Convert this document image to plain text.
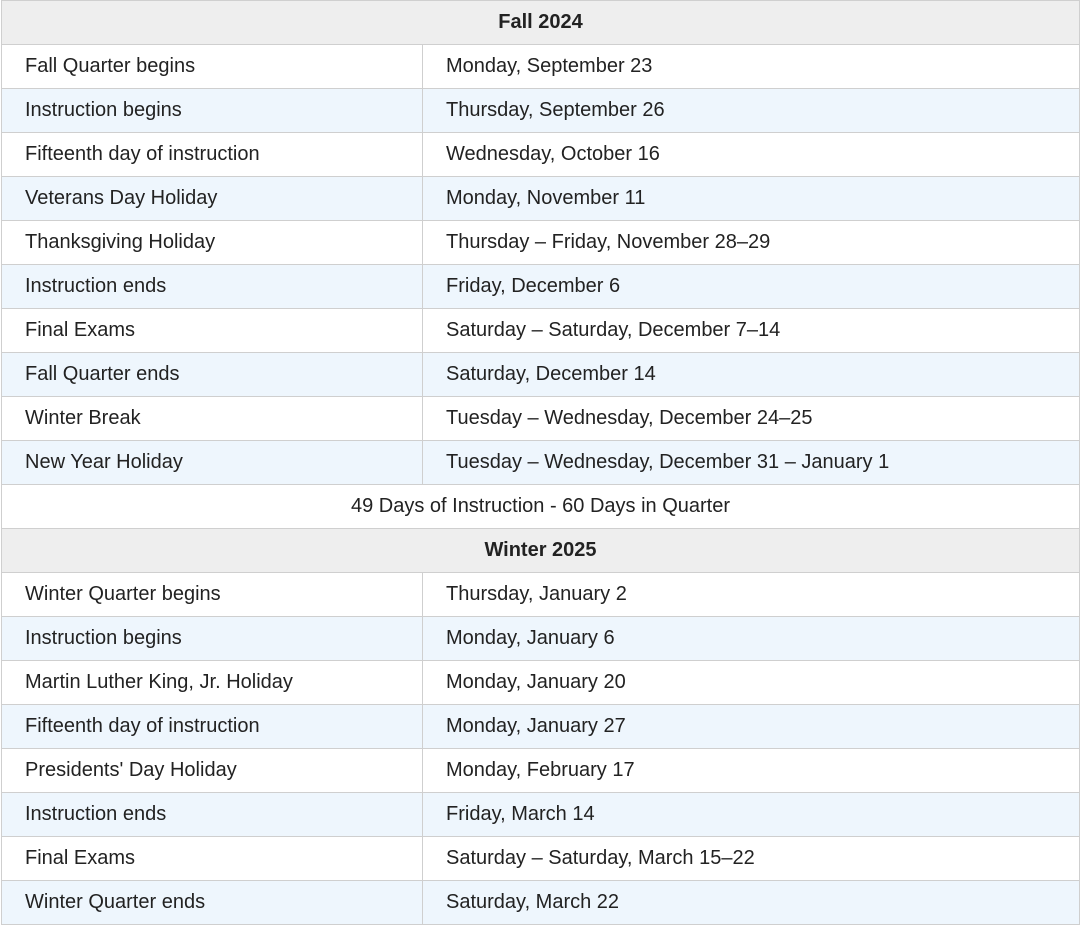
Fall 2024	
Fall Quarter begins	Monday, September 23
Instruction begins	Thursday, September 26
Fifteenth day of instruction	Wednesday, October 16
Veterans Day Holiday	Monday, November 11
Thanksgiving Holiday	Thursday – Friday, November 28–29
Instruction ends	Friday, December 6
Final Exams	Saturday – Saturday, December 7–14
Fall Quarter ends	Saturday, December 14
Winter Break	Tuesday – Wednesday, December 24–25
New Year Holiday	Tuesday – Wednesday, December 31 – January 1
49 Days of Instruction - 60 Days in Quarter	
Winter 2025	
Winter Quarter begins	Thursday, January 2
Instruction begins	Monday, January 6
Martin Luther King, Jr. Holiday	Monday, January 20
Fifteenth day of instruction	Monday, January 27
Presidents' Day Holiday	Monday, February 17
Instruction ends	Friday, March 14
Final Exams	Saturday – Saturday, March 15–22
Winter Quarter ends	Saturday, March 22
